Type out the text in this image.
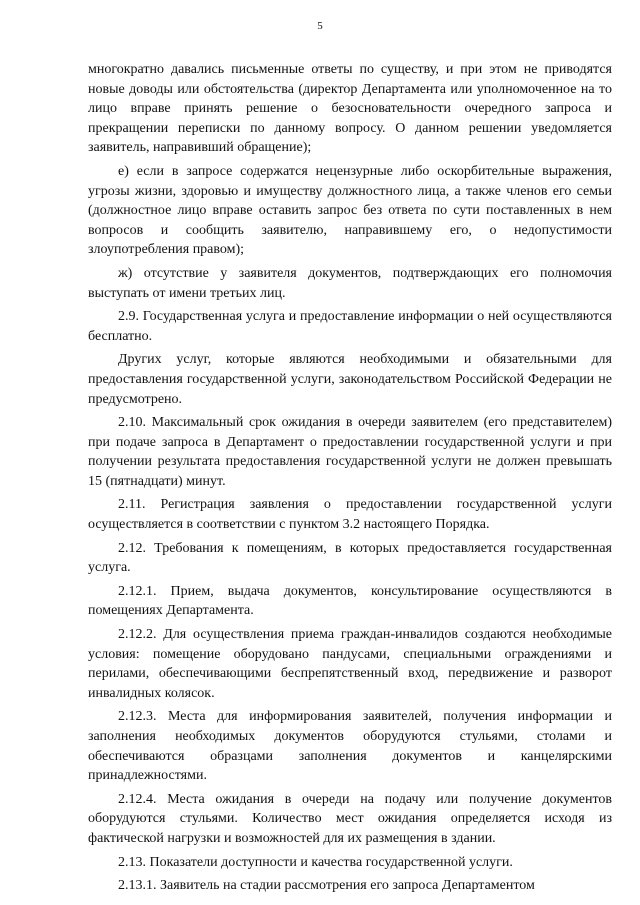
5

многократно давались письменные ответы по существу, и при этом не приводятся новые доводы или обстоятельства (директор Департамента или уполномоченное на то лицо вправе принять решение о безосновательности очередного запроса и прекращении переписки по данному вопросу. О данном решении уведомляется заявитель, направивший обращение);

е) если в запросе содержатся нецензурные либо оскорбительные выражения, угрозы жизни, здоровью и имуществу должностного лица, а также членов его семьи (должностное лицо вправе оставить запрос без ответа по сути поставленных в нем вопросов и сообщить заявителю, направившему его, о недопустимости злоупотребления правом);

ж) отсутствие у заявителя документов, подтверждающих его полномочия выступать от имени третьих лиц.

2.9. Государственная услуга и предоставление информации о ней осуществляются бесплатно.

Других услуг, которые являются необходимыми и обязательными для предоставления государственной услуги, законодательством Российской Федерации не предусмотрено.

2.10. Максимальный срок ожидания в очереди заявителем (его представителем) при подаче запроса в Департамент о предоставлении государственной услуги и при получении результата предоставления государственной услуги не должен превышать 15 (пятнадцати) минут.

2.11. Регистрация заявления о предоставлении государственной услуги осуществляется в соответствии с пунктом 3.2 настоящего Порядка.

2.12. Требования к помещениям, в которых предоставляется государственная услуга.

2.12.1. Прием, выдача документов, консультирование осуществляются в помещениях Департамента.

2.12.2. Для осуществления приема граждан-инвалидов создаются необходимые условия: помещение оборудовано пандусами, специальными ограждениями и перилами, обеспечивающими беспрепятственный вход, передвижение и разворот инвалидных колясок.

2.12.3. Места для информирования заявителей, получения информации и заполнения необходимых документов оборудуются стульями, столами и обеспечиваются образцами заполнения документов и канцелярскими принадлежностями.

2.12.4. Места ожидания в очереди на подачу или получение документов оборудуются стульями. Количество мест ожидания определяется исходя из фактической нагрузки и возможностей для их размещения в здании.

2.13. Показатели доступности и качества государственной услуги.

2.13.1. Заявитель на стадии рассмотрения его запроса Департаментом
